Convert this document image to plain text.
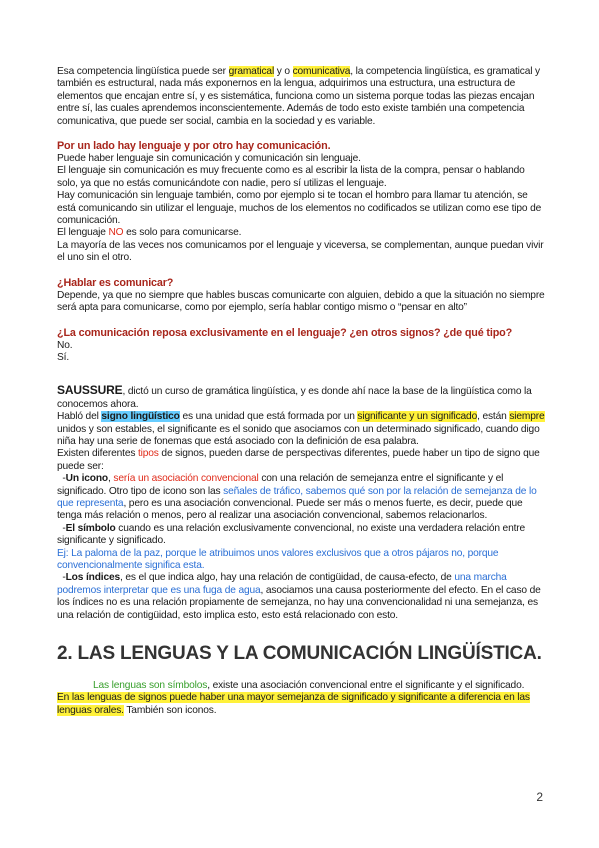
Esa competencia lingüística puede ser gramatical y o comunicativa, la competencia lingüística, es gramatical y también es estructural, nada más exponernos en la lengua, adquirimos una estructura, una estructura de elementos que encajan entre sí, y es sistemática, funciona como un sistema porque todas las piezas encajan entre sí, las cuales aprendemos inconscientemente. Además de todo esto existe también una competencia comunicativa, que puede ser social, cambia en la sociedad y es variable.

Por un lado hay lenguaje y por otro hay comunicación.

Puede haber lenguaje sin comunicación y comunicación sin lenguaje.

El lenguaje sin comunicación es muy frecuente como es al escribir la lista de la compra, pensar o hablando solo, ya que no estás comunicándote con nadie, pero sí utilizas el lenguaje.

Hay comunicación sin lenguaje también, como por ejemplo si te tocan el hombro para llamar tu atención, se está comunicando sin utilizar el lenguaje, muchos de los elementos no codificados se utilizan como ese tipo de comunicación.

El lenguaje NO es solo para comunicarse.

La mayoría de las veces nos comunicamos por el lenguaje y viceversa, se complementan, aunque puedan vivir el uno sin el otro.

¿Hablar es comunicar?

Depende, ya que no siempre que hables buscas comunicarte con alguien, debido a que la situación no siempre será apta para comunicarse, como por ejemplo, sería hablar contigo mismo o “pensar en alto”

¿La comunicación reposa exclusivamente en el lenguaje? ¿en otros signos? ¿de qué tipo?

No.

Sí.

SAUSSURE, dictó un curso de gramática lingüística, y es donde ahí nace la base de la lingüística como la conocemos ahora.

Habló del signo lingüístico es una unidad que está formada por un significante y un significado, están siempre unidos y son estables, el significante es el sonido que asociamos con un determinado significado, cuando digo niña hay una serie de fonemas que está asociado con la definición de esa palabra.

Existen diferentes tipos de signos, pueden darse de perspectivas diferentes, puede haber un tipo de signo que puede ser:

-Un icono, sería un asociación convencional con una relación de semejanza entre el significante y el significado. Otro tipo de icono son las señales de tráfico, sabemos qué son por la relación de semejanza de lo que representa, pero es una asociación convencional. Puede ser más o menos fuerte, es decir, puede que tenga más relación o menos, pero al realizar una asociación convencional, sabemos relacionarlos.

-El símbolo cuando es una relación exclusivamente convencional, no existe una verdadera relación entre significante y significado.

Ej: La paloma de la paz, porque le atribuimos unos valores exclusivos que a otros pájaros no, porque convencionalmente significa esta.

-Los índices, es el que indica algo, hay una relación de contigüidad, de causa-efecto, de una marcha podremos interpretar que es una fuga de agua, asociamos una causa posteriormente del efecto. En el caso de los índices no es una relación propiamente de semejanza, no hay una convencionalidad ni una semejanza, es una relación de contigüidad, esto implica esto, esto está relacionado con esto.

2. LAS LENGUAS Y LA COMUNICACIÓN LINGÜÍSTICA.

Las lenguas son símbolos, existe una asociación convencional entre el significante y el significado.

En las lenguas de signos puede haber una mayor semejanza de significado y significante a diferencia en las lenguas orales. También son iconos.

2
